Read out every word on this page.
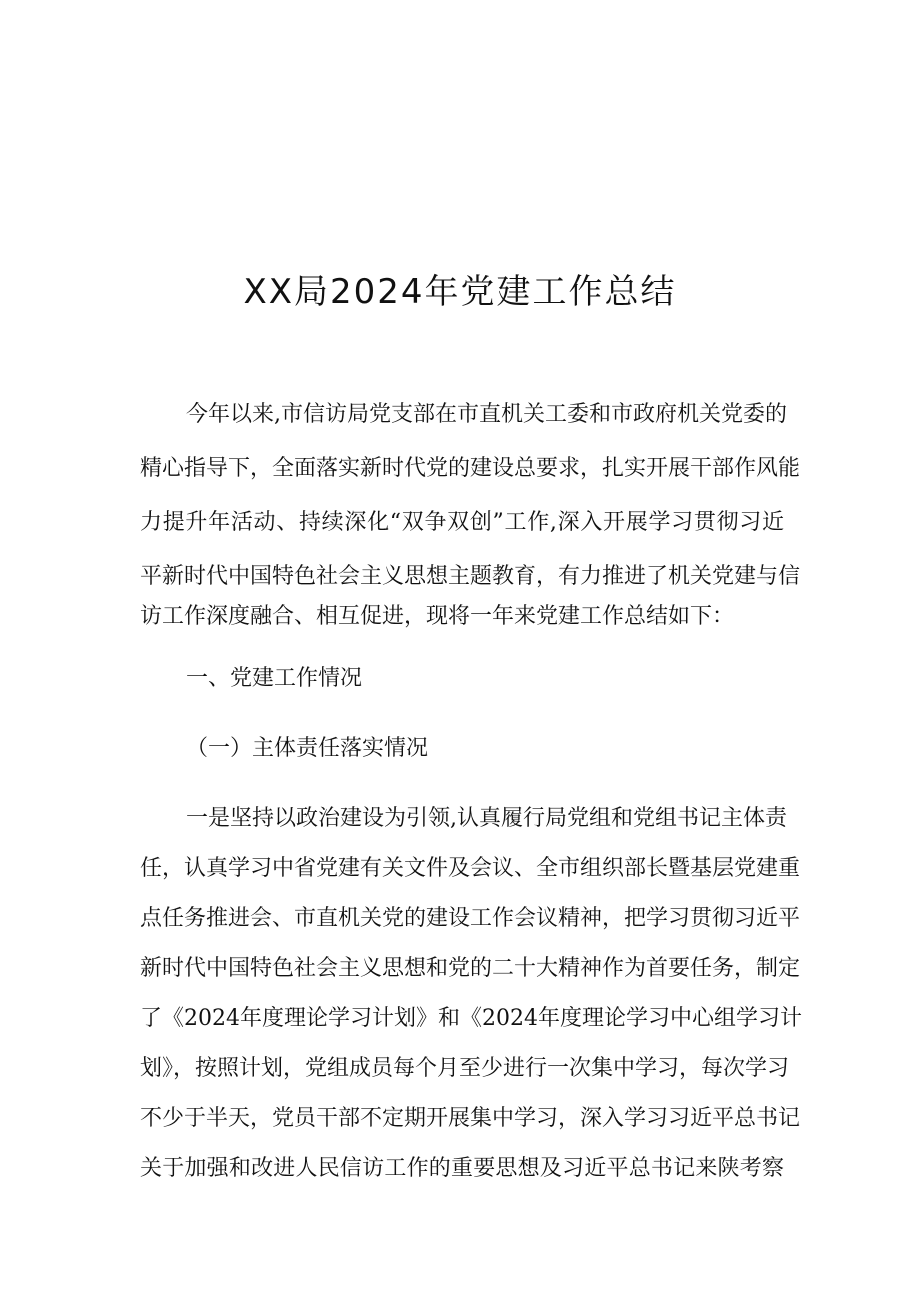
XX局2024年党建工作总结
今年以来,市信访局党支部在市直机关工委和市政府机关党委的
精心指导下，全面落实新时代党的建设总要求，扎实开展干部作风能
力提升年活动、持续深化“双争双创”工作,深入开展学习贯彻习近
平新时代中国特色社会主义思想主题教育，有力推进了机关党建与信
访工作深度融合、相互促进，现将一年来党建工作总结如下：
一、党建工作情况
（一）主体责任落实情况
一是坚持以政治建设为引领,认真履行局党组和党组书记主体责
任，认真学习中省党建有关文件及会议、全市组织部长暨基层党建重
点任务推进会、市直机关党的建设工作会议精神，把学习贯彻习近平
新时代中国特色社会主义思想和党的二十大精神作为首要任务，制定
了《2024年度理论学习计划》和《2024年度理论学习中心组学习计
划》，按照计划，党组成员每个月至少进行一次集中学习，每次学习
不少于半天，党员干部不定期开展集中学习，深入学习习近平总书记
关于加强和改进人民信访工作的重要思想及习近平总书记来陕考察
